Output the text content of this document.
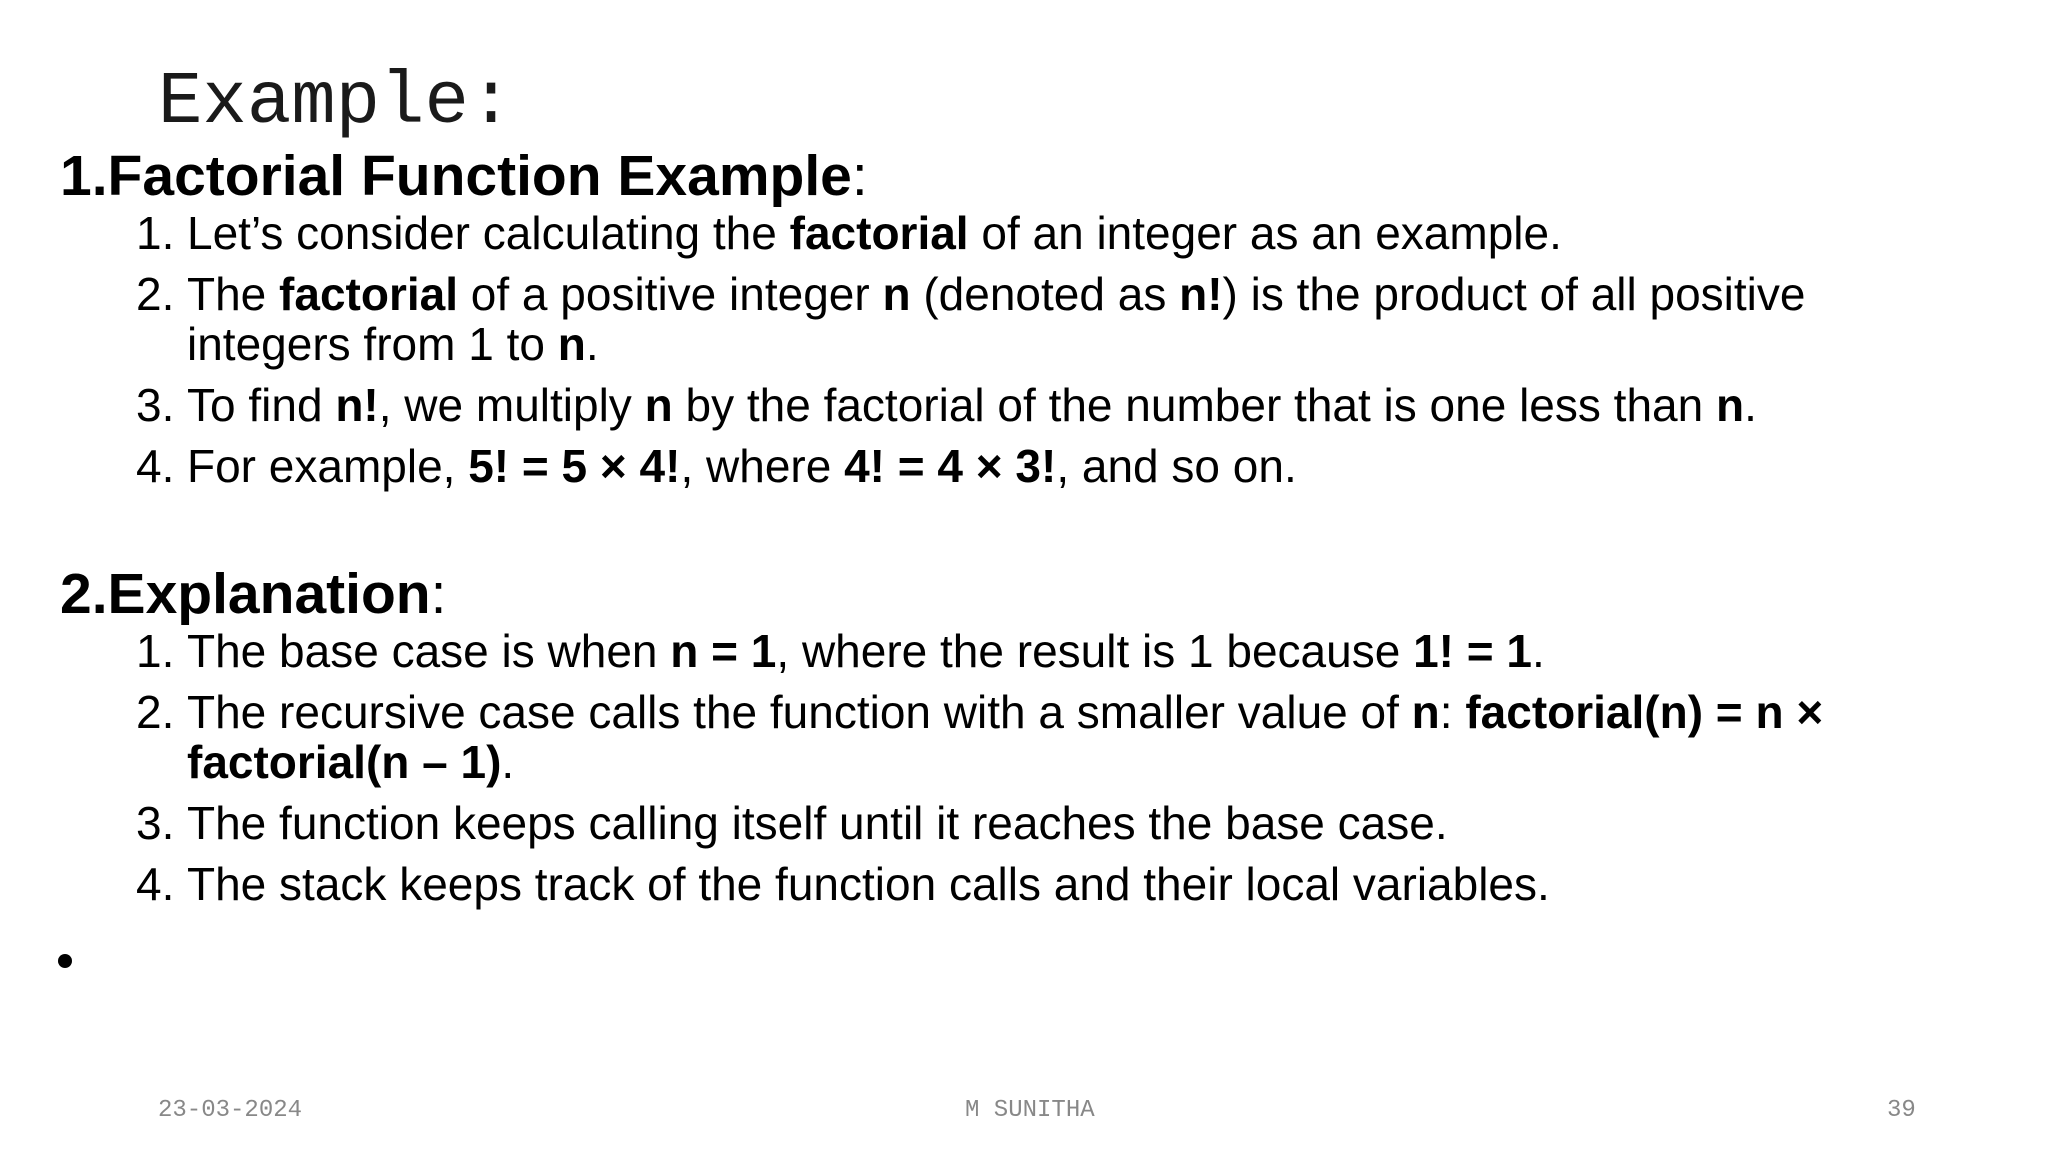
Example:
1.Factorial Function Example:
1. Let’s consider calculating the factorial of an integer as an example.
2. The factorial of a positive integer n (denoted as n!) is the product of all positive integers from 1 to n.
3. To find n!, we multiply n by the factorial of the number that is one less than n.
4. For example, 5! = 5 × 4!, where 4! = 4 × 3!, and so on.
2.Explanation:
1. The base case is when n = 1, where the result is 1 because 1! = 1.
2. The recursive case calls the function with a smaller value of n: factorial(n) = n × factorial(n – 1).
3. The function keeps calling itself until it reaches the base case.
4. The stack keeps track of the function calls and their local variables.
23-03-2024	M SUNITHA	39
